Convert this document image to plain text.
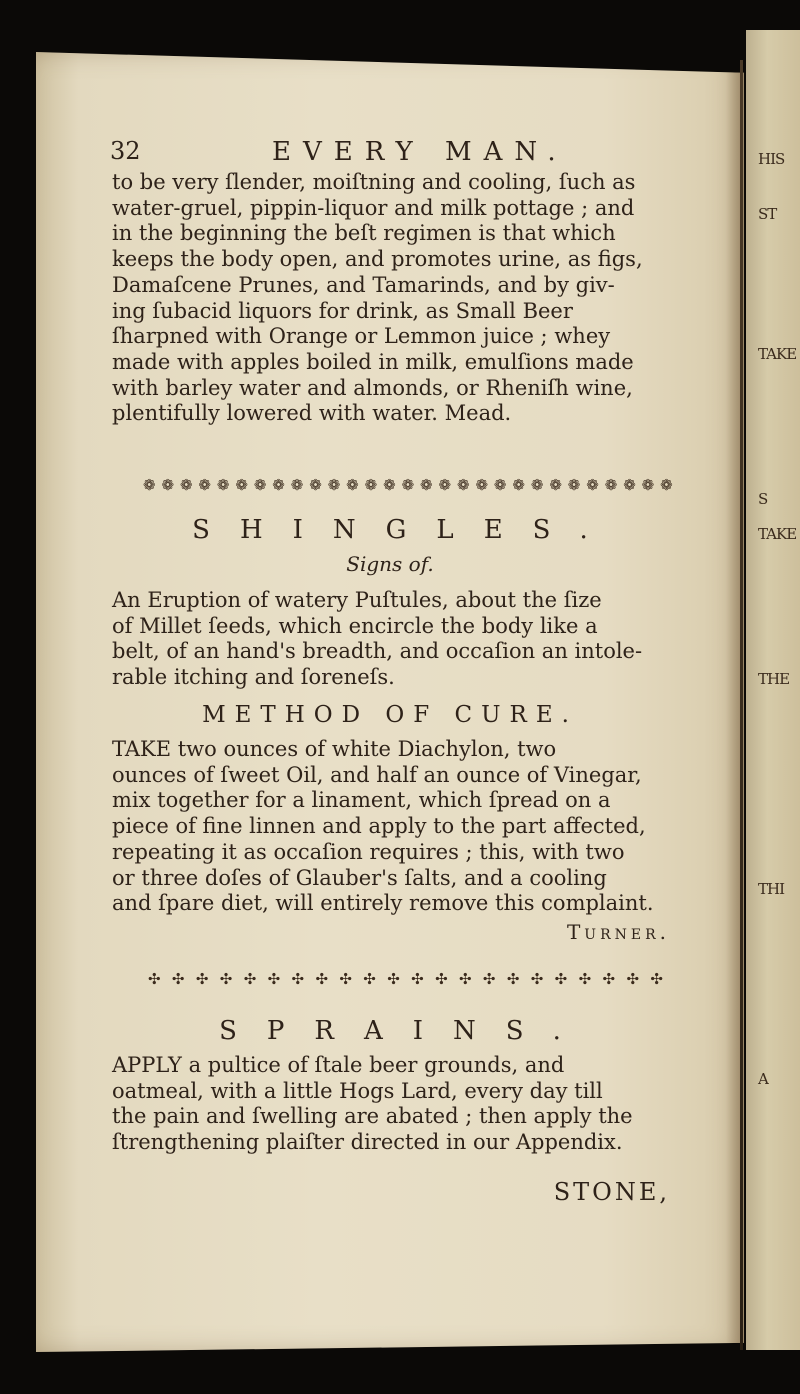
HIS
ST
TAKE
S
TAKE
THE
THI
A
32	EVERY MAN.
to be very ſlender, moiſtning and cooling, ſuch as
water-gruel, pippin-liquor and milk pottage ; and
in the beginning the beſt regimen is that which
keeps the body open, and promotes urine, as figs,
Damaſcene Prunes, and Tamarinds, and by giv-
ing ſubacid liquors for drink, as Small Beer
ſharpned with Orange or Lemmon juice ; whey
made with apples boiled in milk, emulſions made
with barley water and almonds, or Rheniſh wine,
plentifully lowered with water. Mead.
❁ ❁ ❁ ❁ ❁ ❁ ❁ ❁ ❁ ❁ ❁ ❁ ❁ ❁ ❁ ❁ ❁ ❁ ❁ ❁ ❁ ❁ ❁ ❁ ❁ ❁ ❁ ❁ ❁
SHINGLES.
Signs of.
An Eruption of watery Puſtules, about the ſize
of Millet ſeeds, which encircle the body like a
belt, of an hand's breadth, and occaſion an intole-
rable itching and ſoreneſs.
METHOD OF CURE.
TAKE two ounces of white Diachylon, two
ounces of ſweet Oil, and half an ounce of Vinegar,
mix together for a linament, which ſpread on a
piece of fine linnen and apply to the part affected,
repeating it as occaſion requires ; this, with two
or three doſes of Glauber's ſalts, and a cooling
and ſpare diet, will entirely remove this complaint.
Turner.
✣ ✣ ✣ ✣ ✣ ✣ ✣ ✣ ✣ ✣ ✣ ✣ ✣ ✣ ✣ ✣ ✣ ✣ ✣ ✣ ✣ ✣
SPRAINS.
APPLY a pultice of ſtale beer grounds, and
oatmeal, with a little Hogs Lard, every day till
the pain and ſwelling are abated ; then apply the
ſtrengthening plaiſter directed in our Appendix.
STONE,
